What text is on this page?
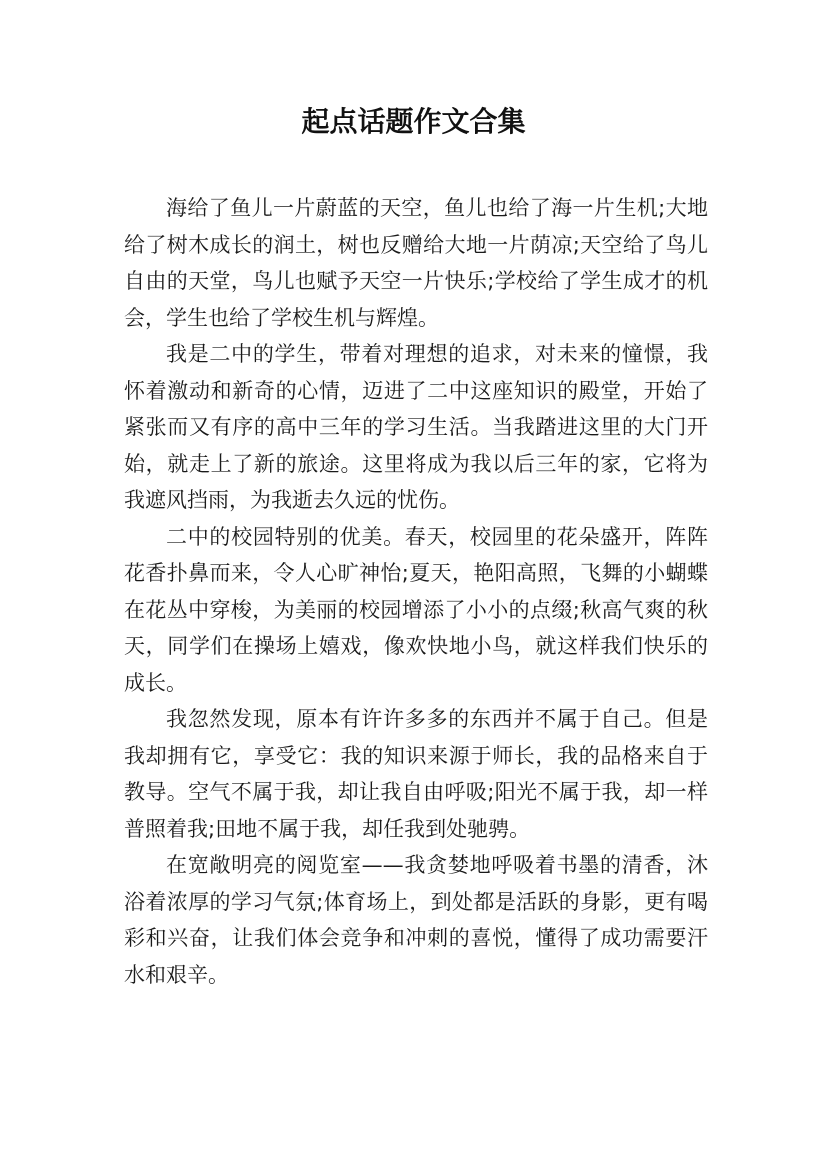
起点话题作文合集

海给了鱼儿一片蔚蓝的天空，鱼儿也给了海一片生机;大地给了树木成长的润土，树也反赠给大地一片荫凉;天空给了鸟儿自由的天堂，鸟儿也赋予天空一片快乐;学校给了学生成才的机会，学生也给了学校生机与辉煌。

我是二中的学生，带着对理想的追求，对未来的憧憬，我怀着激动和新奇的心情，迈进了二中这座知识的殿堂，开始了紧张而又有序的高中三年的学习生活。当我踏进这里的大门开始，就走上了新的旅途。这里将成为我以后三年的家，它将为我遮风挡雨，为我逝去久远的忧伤。

二中的校园特别的优美。春天，校园里的花朵盛开，阵阵花香扑鼻而来，令人心旷神怡;夏天，艳阳高照，飞舞的小蝴蝶在花丛中穿梭，为美丽的校园增添了小小的点缀;秋高气爽的秋天，同学们在操场上嬉戏，像欢快地小鸟，就这样我们快乐的成长。

我忽然发现，原本有许许多多的东西并不属于自己。但是我却拥有它，享受它：我的知识来源于师长，我的品格来自于教导。空气不属于我，却让我自由呼吸;阳光不属于我，却一样普照着我;田地不属于我，却任我到处驰骋。

在宽敞明亮的阅览室——我贪婪地呼吸着书墨的清香，沐浴着浓厚的学习气氛;体育场上，到处都是活跃的身影，更有喝彩和兴奋，让我们体会竞争和冲刺的喜悦，懂得了成功需要汗水和艰辛。
